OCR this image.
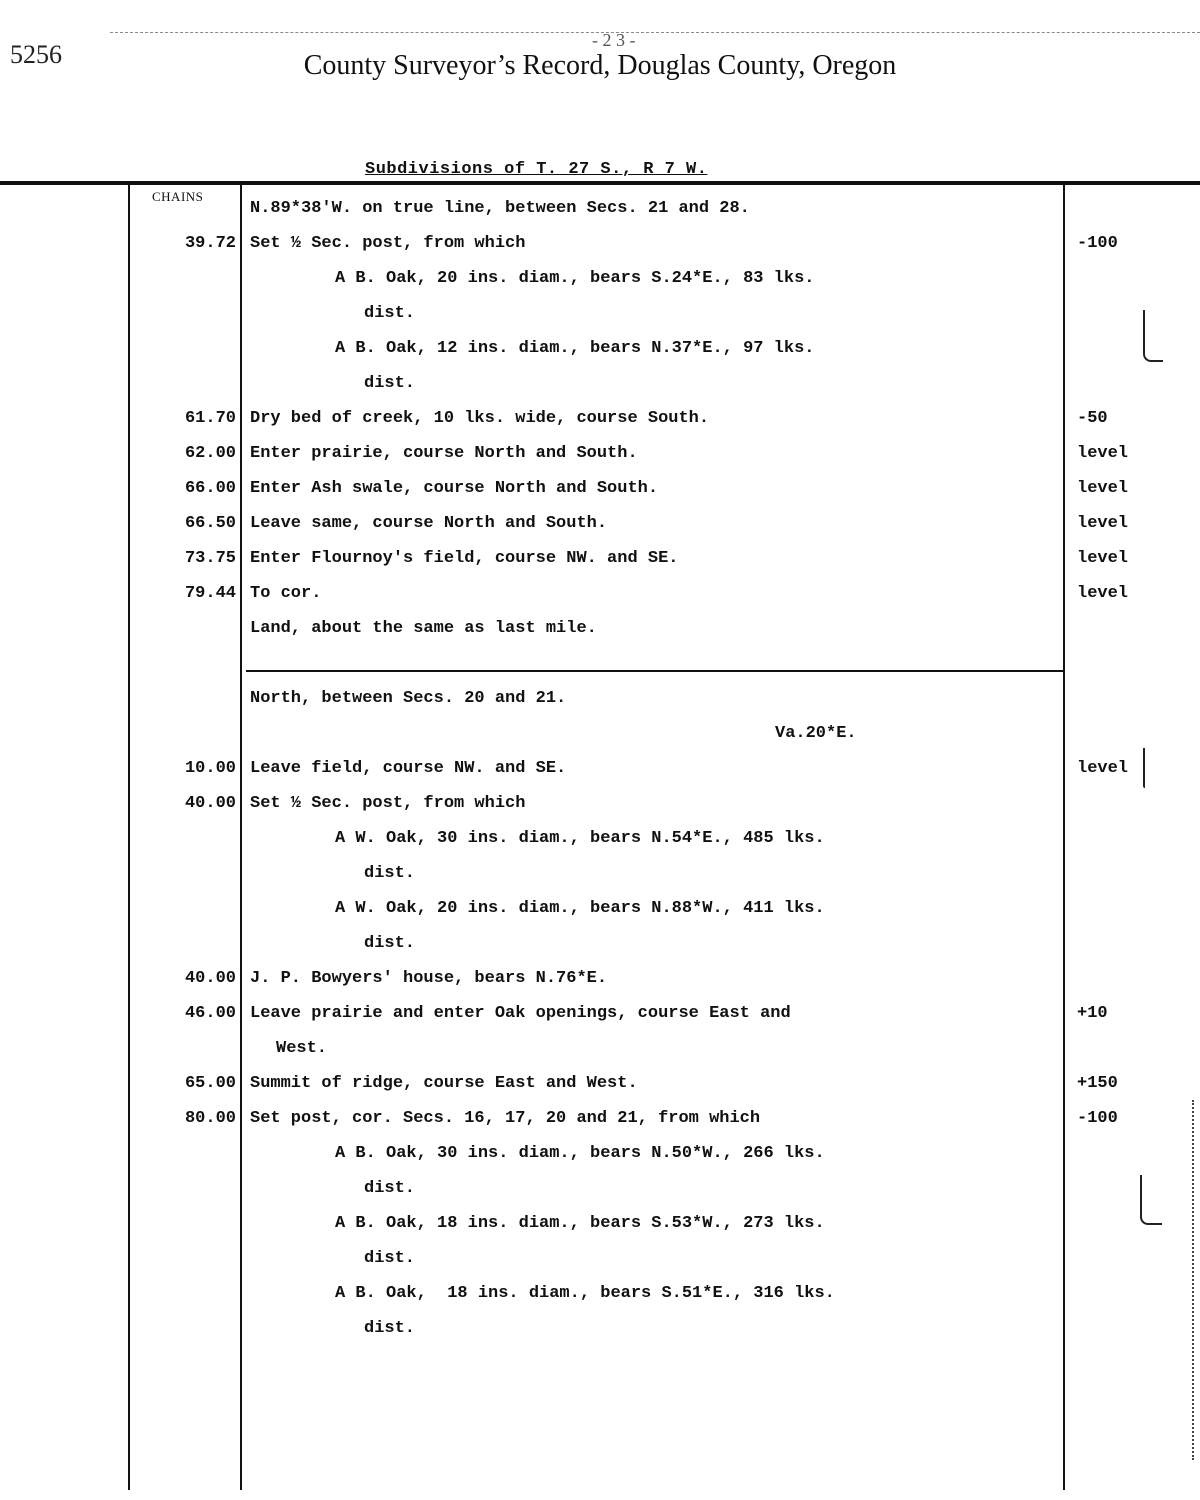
5256	- 2 3 -
County Surveyor’s Record, Douglas County, Oregon
Subdivisions of T. 27 S., R 7 W.
CHAINS
N.89*38'W. on true line, between Secs. 21 and 28.
39.72 Set ½ Sec. post, from which	-100
A B. Oak, 20 ins. diam., bears S.24*E., 83 lks.
dist.
A B. Oak, 12 ins. diam., bears N.37*E., 97 lks.
dist.
61.70 Dry bed of creek, 10 lks. wide, course South.	-50
62.00 Enter prairie, course North and South.	level
66.00 Enter Ash swale, course North and South.	level
66.50 Leave same, course North and South.	level
73.75 Enter Flournoy's field, course NW. and SE.	level
79.44 To cor.	level
Land, about the same as last mile.
North, between Secs. 20 and 21.
Va.20*E.
10.00 Leave field, course NW. and SE.	level
40.00 Set ½ Sec. post, from which
A W. Oak, 30 ins. diam., bears N.54*E., 485 lks.
dist.
A W. Oak, 20 ins. diam., bears N.88*W., 411 lks.
dist.
40.00 J. P. Bowyers' house, bears N.76*E.
46.00 Leave prairie and enter Oak openings, course East and	+10
West.
65.00 Summit of ridge, course East and West.	+150
80.00 Set post, cor. Secs. 16, 17, 20 and 21, from which	-100
A B. Oak, 30 ins. diam., bears N.50*W., 266 lks.
dist.
A B. Oak, 18 ins. diam., bears S.53*W., 273 lks.
dist.
A B. Oak,  18 ins. diam., bears S.51*E., 316 lks.
dist.
